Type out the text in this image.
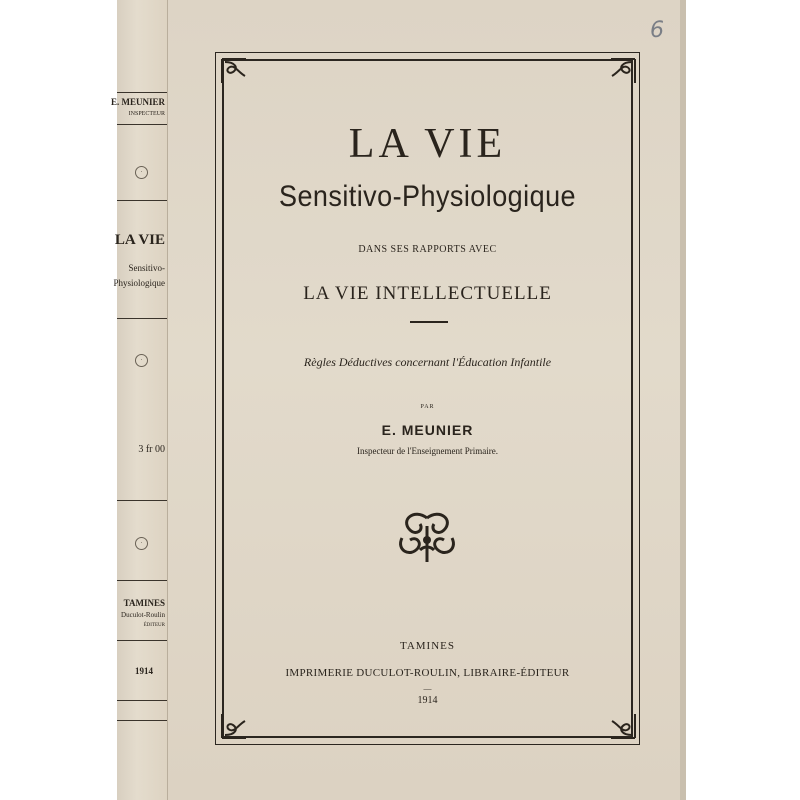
E. MEUNIER
INSPECTEUR
·
LA VIE
Sensitivo-
Physiologique
·
3 fr 00
·
TAMINES
Duculot-Roulin
ÉDITEUR
1914
6
LA VIE
Sensitivo-Physiologique
DANS SES RAPPORTS AVEC
LA VIE INTELLECTUELLE
Règles Déductives concernant l'Éducation Infantile
PAR
E. MEUNIER
Inspecteur de l'Enseignement Primaire.
TAMINES
IMPRIMERIE DUCULOT-ROULIN, LIBRAIRE-ÉDITEUR
—
1914
